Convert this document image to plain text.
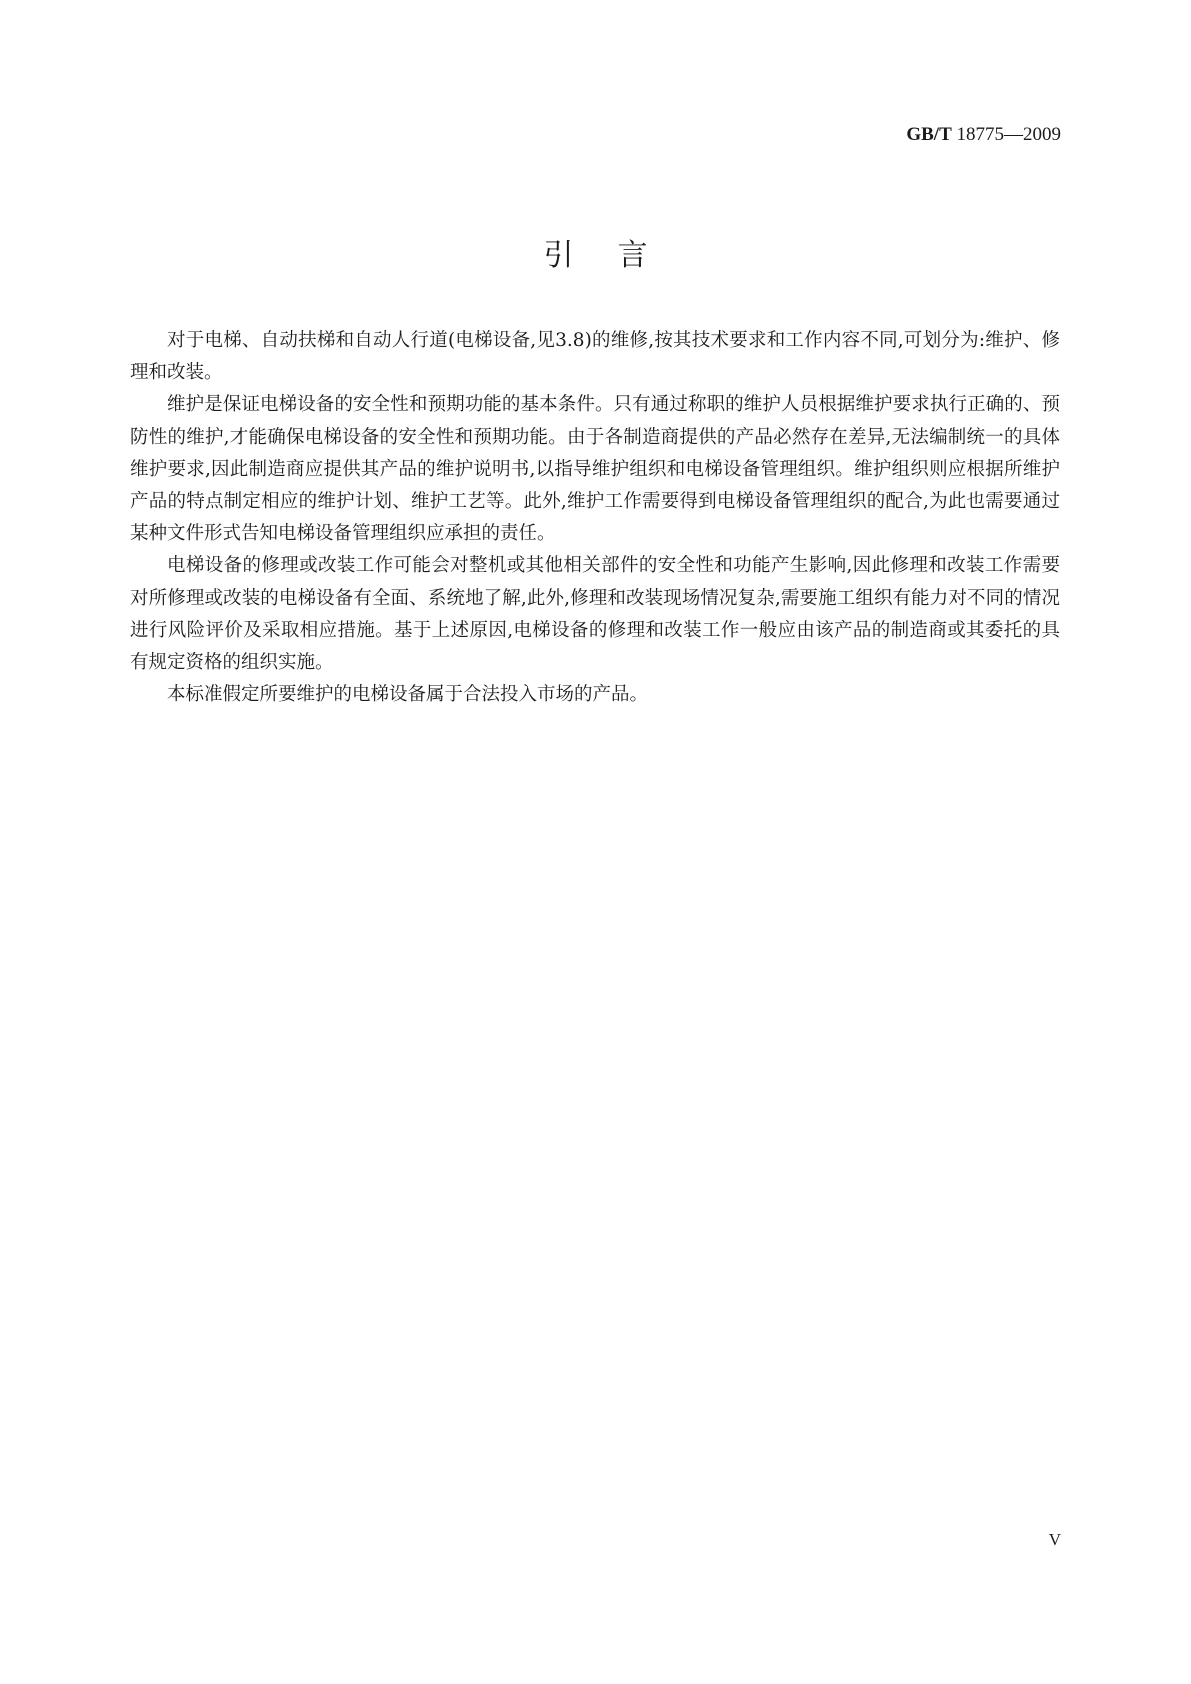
GB/T 18775—2009
引言

对于电梯、自动扶梯和自动人行道(电梯设备,见3.8)的维修,按其技术要求和工作内容不同,可划分为:维护、修理和改装。

维护是保证电梯设备的安全性和预期功能的基本条件。只有通过称职的维护人员根据维护要求执行正确的、预防性的维护,才能确保电梯设备的安全性和预期功能。由于各制造商提供的产品必然存在差异,无法编制统一的具体维护要求,因此制造商应提供其产品的维护说明书,以指导维护组织和电梯设备管理组织。维护组织则应根据所维护产品的特点制定相应的维护计划、维护工艺等。此外,维护工作需要得到电梯设备管理组织的配合,为此也需要通过某种文件形式告知电梯设备管理组织应承担的责任。

电梯设备的修理或改装工作可能会对整机或其他相关部件的安全性和功能产生影响,因此修理和改装工作需要对所修理或改装的电梯设备有全面、系统地了解,此外,修理和改装现场情况复杂,需要施工组织有能力对不同的情况进行风险评价及采取相应措施。基于上述原因,电梯设备的修理和改装工作一般应由该产品的制造商或其委托的具有规定资格的组织实施。

本标准假定所要维护的电梯设备属于合法投入市场的产品。

V
